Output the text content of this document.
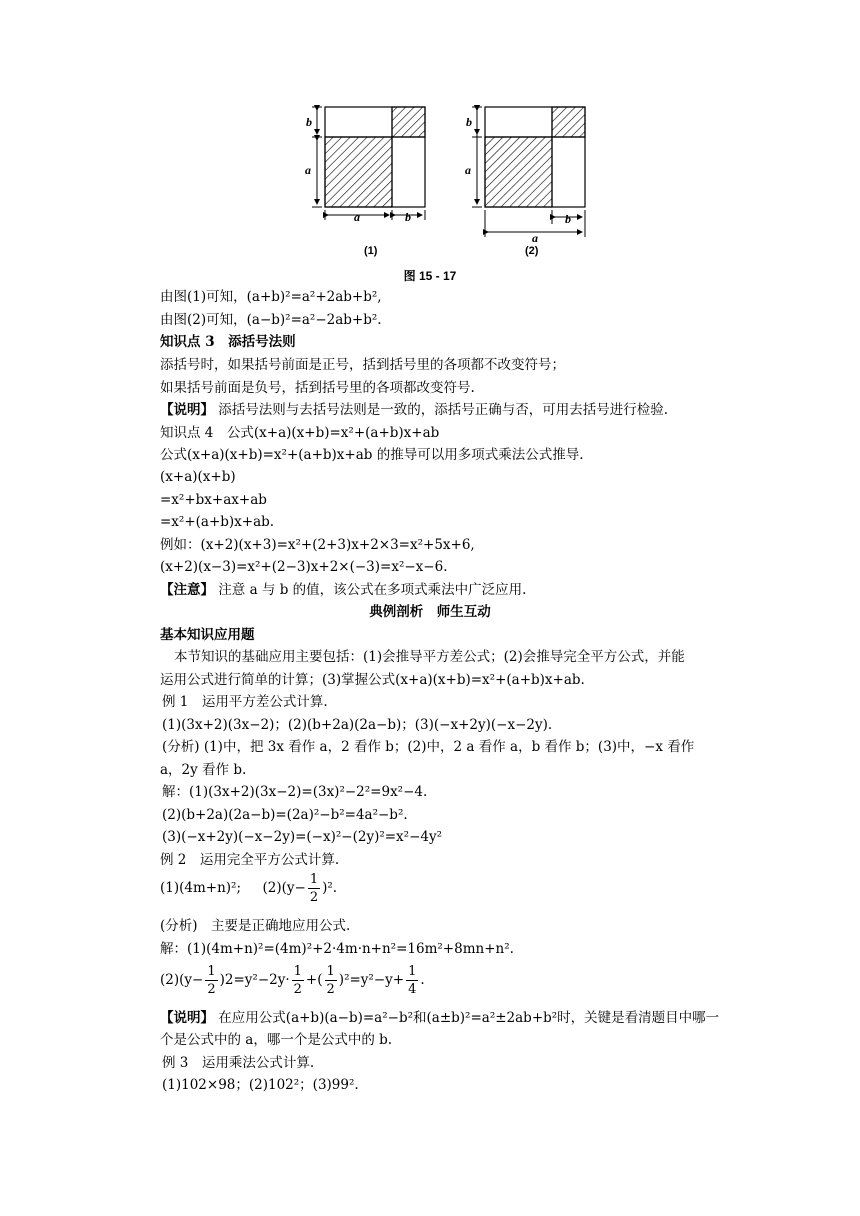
b
a
a	b
b
a
b
a
(1)	(2)
图 15 - 17
由图(1)可知，(a+b)²=a²+2ab+b²,
由图(2)可知，(a−b)²=a²−2ab+b².
知识点 3　添括号法则
添括号时，如果括号前面是正号，括到括号里的各项都不改变符号；
如果括号前面是负号，括到括号里的各项都改变符号.
【说明】 添括号法则与去括号法则是一致的，添括号正确与否，可用去括号进行检验.
知识点 4　公式(x+a)(x+b)=x²+(a+b)x+ab
公式(x+a)(x+b)=x²+(a+b)x+ab 的推导可以用多项式乘法公式推导.
(x+a)(x+b)
=x²+bx+ax+ab
=x²+(a+b)x+ab.
例如：(x+2)(x+3)=x²+(2+3)x+2×3=x²+5x+6,
(x+2)(x−3)=x²+(2−3)x+2×(−3)=x²−x−6.
【注意】 注意 a 与 b 的值，该公式在多项式乘法中广泛应用.
典例剖析　师生互动
基本知识应用题
本节知识的基础应用主要包括：(1)会推导平方差公式；(2)会推导完全平方公式，并能
运用公式进行简单的计算；(3)掌握公式(x+a)(x+b)=x²+(a+b)x+ab.
例 1　运用平方差公式计算.
(1)(3x+2)(3x−2)；(2)(b+2a)(2a−b)；(3)(−x+2y)(−x−2y).
(分析) (1)中，把 3x 看作 a，2 看作 b；(2)中，2 a 看作 a，b 看作 b；(3)中，−x 看作
a，2y 看作 b.
解：(1)(3x+2)(3x−2)=(3x)²−2²=9x²−4.
(2)(b+2a)(2a−b)=(2a)²−b²=4a²−b².
(3)(−x+2y)(−x−2y)=(−x)²−(2y)²=x²−4y²
例 2　运用完全平方公式计算.
(1)(4m+n)²; $(2)(y- \frac{1}{2} )^2$.
(分析)　主要是正确地应用公式.
解：(1)(4m+n)²=(4m)²+2·4m·n+n²=16m²+8mn+n².
$(2)(y- \frac{1}{2} )2=y^2-2y\cdot \frac{1}{2}$ +( $\frac{1}{2} )^2=y^2-y+ \frac{1}{4}$ .
【说明】 在应用公式(a+b)(a−b)=a²−b²和(a±b)²=a²±2ab+b²时，关键是看清题目中哪一
个是公式中的 a，哪一个是公式中的 b.
例 3　运用乘法公式计算.
(1)102×98；(2)102²；(3)99².
